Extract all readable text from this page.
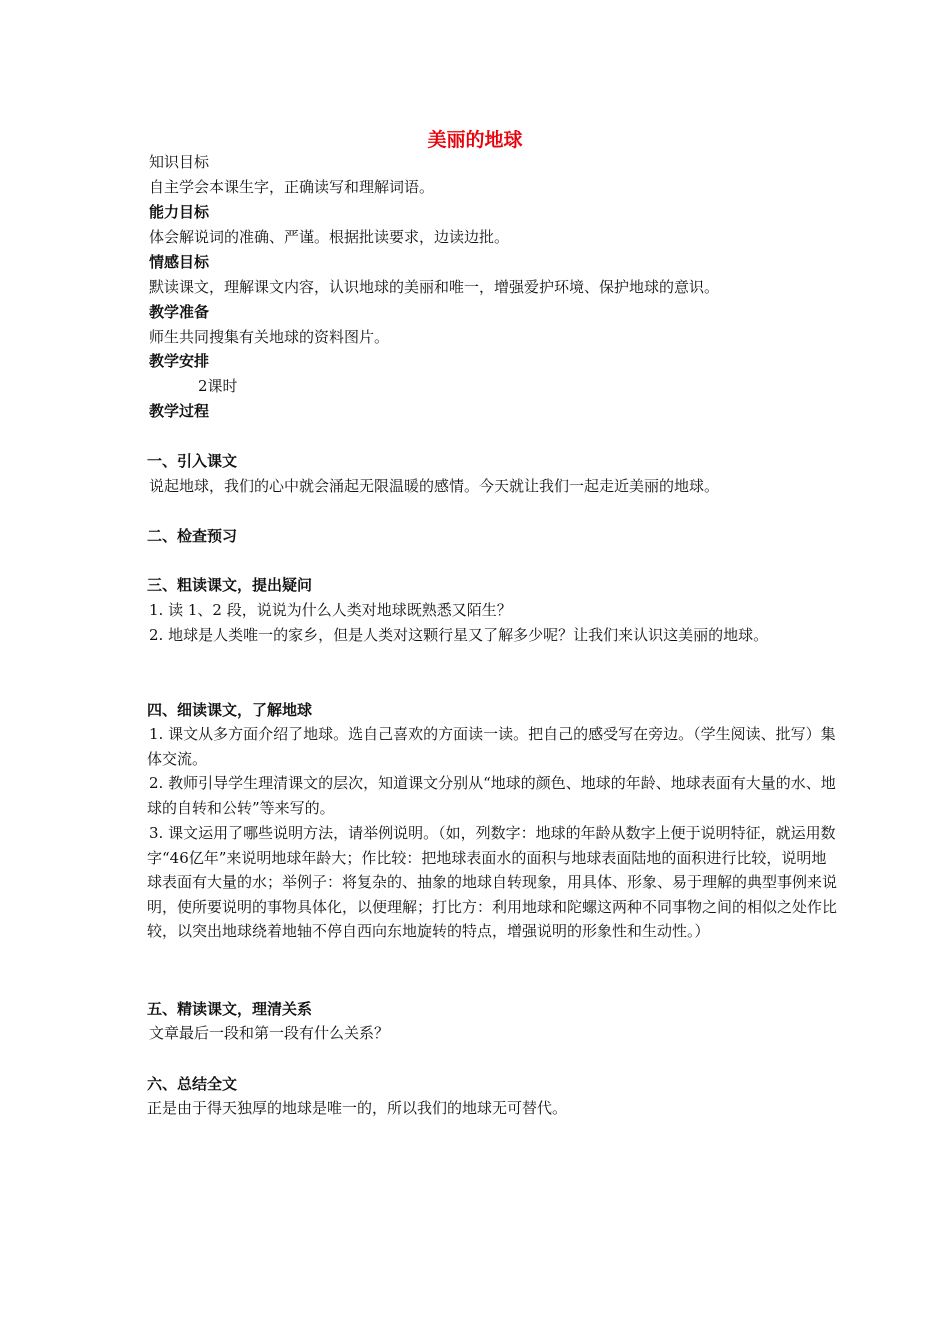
美丽的地球
知识目标
自主学会本课生字，正确读写和理解词语。
能力目标
体会解说词的准确、严谨。根据批读要求，边读边批。
情感目标
默读课文，理解课文内容，认识地球的美丽和唯一，增强爱护环境、保护地球的意识。
教学准备
师生共同搜集有关地球的资料图片。
教学安排
2课时
教学过程
一、引入课文
说起地球，我们的心中就会涌起无限温暖的感情。今天就让我们一起走近美丽的地球。
二、检查预习
三、粗读课文，提出疑问
1. 读 1、2 段，说说为什么人类对地球既熟悉又陌生？
2. 地球是人类唯一的家乡，但是人类对这颗行星又了解多少呢？让我们来认识这美丽的地球。
四、细读课文，了解地球
1. 课文从多方面介绍了地球。选自己喜欢的方面读一读。把自己的感受写在旁边。（学生阅读、批写）集体交流。
2. 教师引导学生理清课文的层次，知道课文分别从“地球的颜色、地球的年龄、地球表面有大量的水、地球的自转和公转”等来写的。
3. 课文运用了哪些说明方法，请举例说明。（如，列数字：地球的年龄从数字上便于说明特征，就运用数字“46亿年”来说明地球年龄大；作比较：把地球表面水的面积与地球表面陆地的面积进行比较，说明地球表面有大量的水；举例子：将复杂的、抽象的地球自转现象，用具体、形象、易于理解的典型事例来说明，使所要说明的事物具体化，以便理解；打比方：利用地球和陀螺这两种不同事物之间的相似之处作比较，以突出地球绕着地轴不停自西向东地旋转的特点，增强说明的形象性和生动性。）
五、精读课文，理清关系
文章最后一段和第一段有什么关系？
六、总结全文
正是由于得天独厚的地球是唯一的，所以我们的地球无可替代。
